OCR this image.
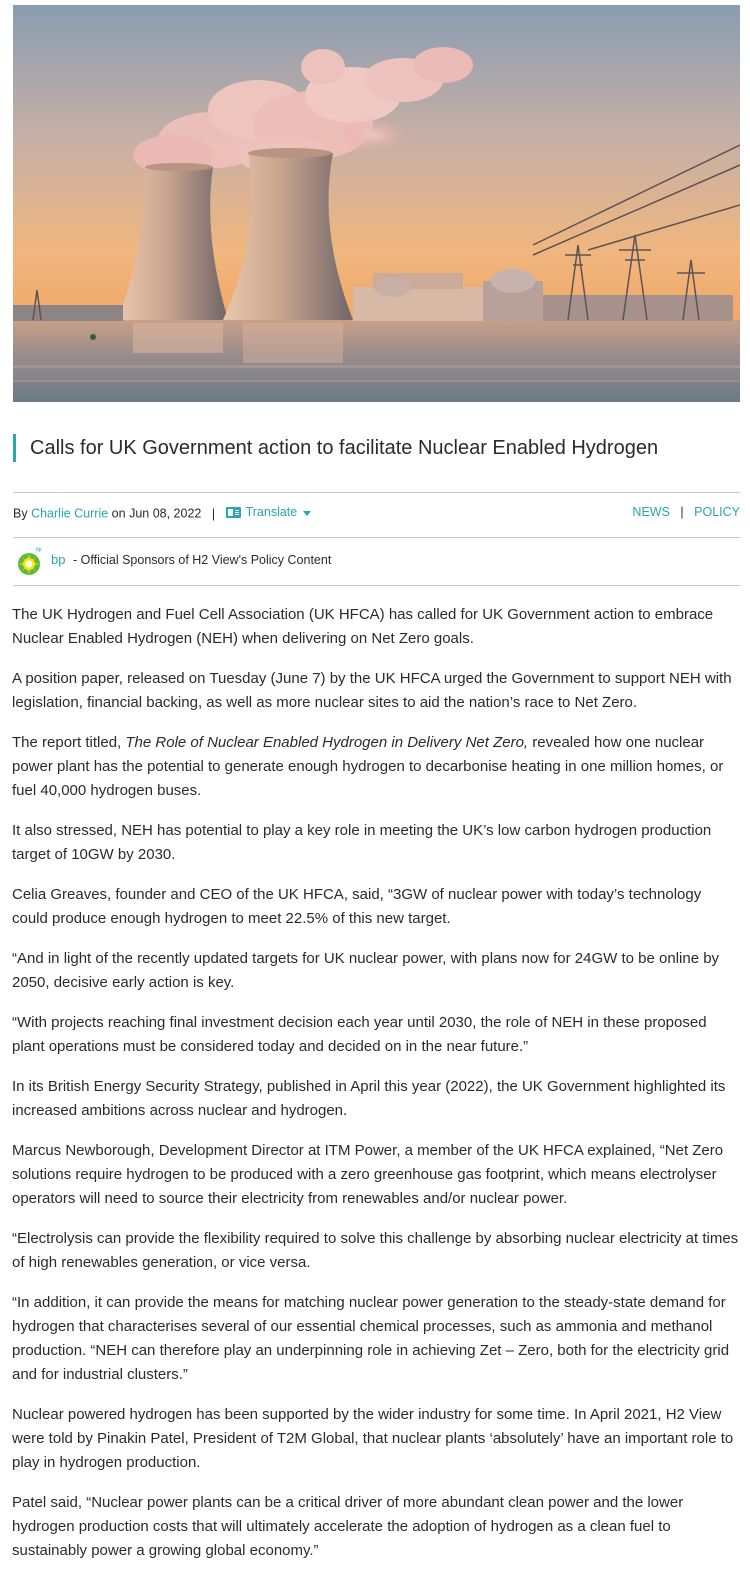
Calls for UK Government action to facilitate Nuclear Enabled Hydrogen
By Charlie Currie on Jun 08, 2022 | Translate	NEWS | POLICY
bp
bp - Official Sponsors of H2 View's Policy Content

The UK Hydrogen and Fuel Cell Association (UK HFCA) has called for UK Government action to embrace Nuclear Enabled Hydrogen (NEH) when delivering on Net Zero goals.

A position paper, released on Tuesday (June 7) by the UK HFCA urged the Government to support NEH with legislation, financial backing, as well as more nuclear sites to aid the nation’s race to Net Zero.

The report titled, The Role of Nuclear Enabled Hydrogen in Delivery Net Zero, revealed how one nuclear power plant has the potential to generate enough hydrogen to decarbonise heating in one million homes, or fuel 40,000 hydrogen buses.

It also stressed, NEH has potential to play a key role in meeting the UK’s low carbon hydrogen production target of 10GW by 2030.

Celia Greaves, founder and CEO of the UK HFCA, said, “3GW of nuclear power with today’s technology could produce enough hydrogen to meet 22.5% of this new target.

“And in light of the recently updated targets for UK nuclear power, with plans now for 24GW to be online by 2050, decisive early action is key.

“With projects reaching final investment decision each year until 2030, the role of NEH in these proposed plant operations must be considered today and decided on in the near future.”

In its British Energy Security Strategy, published in April this year (2022), the UK Government highlighted its increased ambitions across nuclear and hydrogen.

Marcus Newborough, Development Director at ITM Power, a member of the UK HFCA explained, “Net Zero solutions require hydrogen to be produced with a zero greenhouse gas footprint, which means electrolyser operators will need to source their electricity from renewables and/or nuclear power.

“Electrolysis can provide the flexibility required to solve this challenge by absorbing nuclear electricity at times of high renewables generation, or vice versa.

“In addition, it can provide the means for matching nuclear power generation to the steady-state demand for hydrogen that characterises several of our essential chemical processes, such as ammonia and methanol production. “NEH can therefore play an underpinning role in achieving Zet – Zero, both for the electricity grid and for industrial clusters.”

Nuclear powered hydrogen has been supported by the wider industry for some time. In April 2021, H2 View were told by Pinakin Patel, President of T2M Global, that nuclear plants ‘absolutely’ have an important role to play in hydrogen production.

Patel said, “Nuclear power plants can be a critical driver of more abundant clean power and the lower hydrogen production costs that will ultimately accelerate the adoption of hydrogen as a clean fuel to sustainably power a growing global economy.”
